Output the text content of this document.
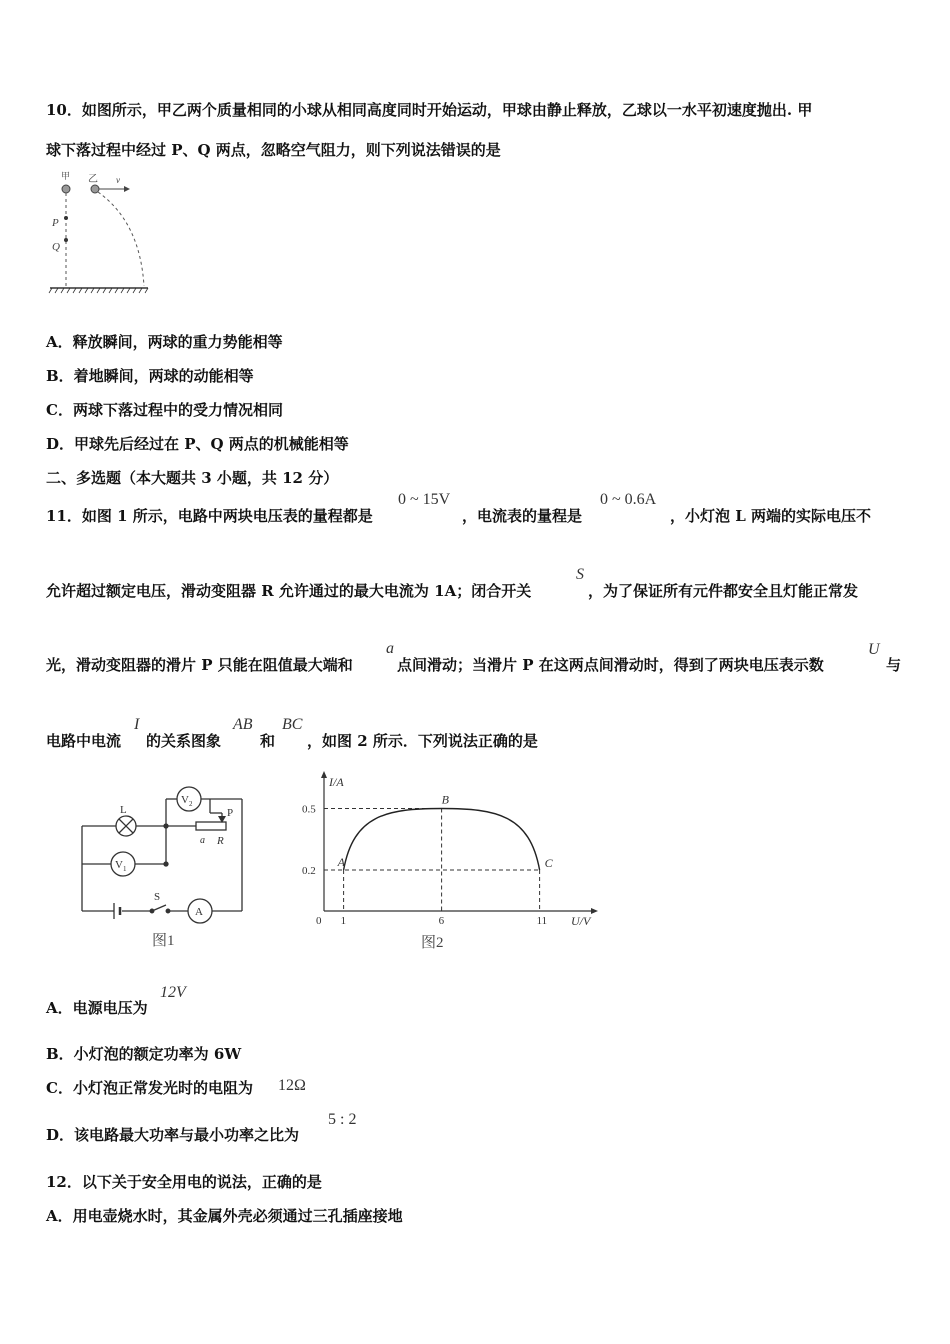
10．如图所示，甲乙两个质量相同的小球从相同高度同时开始运动，甲球由静止释放，乙球以一水平初速度抛出. 甲
球下落过程中经过 P、Q 两点，忽略空气阻力，则下列说法错误的是
甲 乙 v
P
Q
A．释放瞬间，两球的重力势能相等
B．着地瞬间，两球的动能相等
C．两球下落过程中的受力情况相同
D．甲球先后经过在 P、Q 两点的机械能相等
二、多选题（本大题共 3 小题，共 12 分）
11．如图 1 所示，电路中两块电压表的量程都是
0 ~ 15V
，电流表的量程是
0 ~ 0.6A
，小灯泡 L 两端的实际电压不
允许超过额定电压，滑动变阻器 R 允许通过的最大电流为 1A；闭合开关
S
，为了保证所有元件都安全且灯能正常发
光，滑动变阻器的滑片 P 只能在阻值最大端和
a
点间滑动；当滑片 P 在这两点间滑动时，得到了两块电压表示数
U
与
电路中电流
I
的关系图象
AB
和
BC
，如图 2 所示．下列说法正确的是
L
$V_2$
$V_1$
P
a R
S
A
图1
I/A
U/V
0 1	6	11
0.2
0.5
A
B
C
图2
A．电源电压为
12V
B．小灯泡的额定功率为 6W
C．小灯泡正常发光时的电阻为 12Ω
D．该电路最大功率与最小功率之比为
5 : 2
12．以下关于安全用电的说法，正确的是
A．用电壶烧水时，其金属外壳必须通过三孔插座接地
